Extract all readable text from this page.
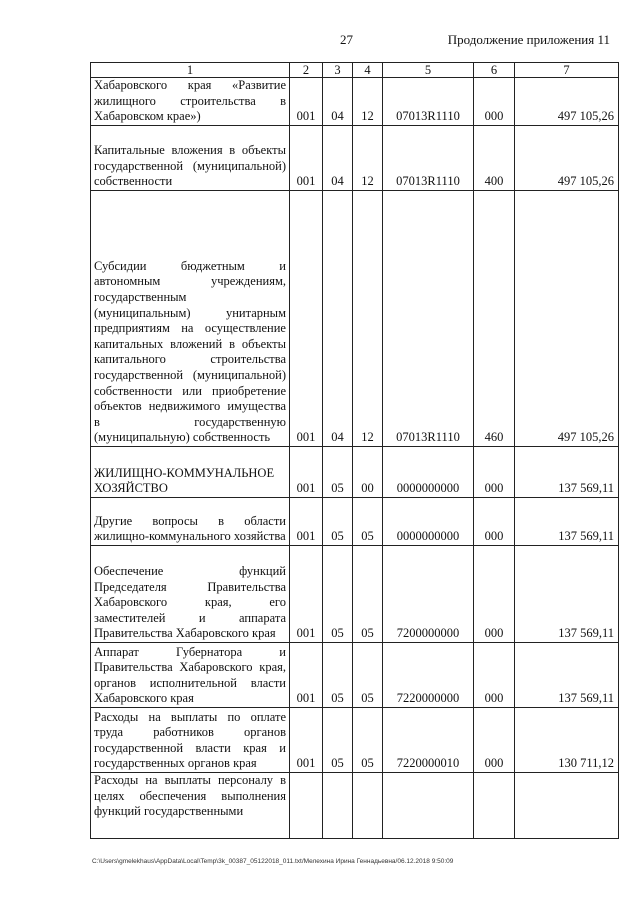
27	Продолжение приложения 11
1	2	3	4	5	6	7
Хабаровского края «Развитие жилищного строительства в Хабаровском крае»)	001	04	12	07013R1110	000	497 105,26
Капитальные вложения в объекты государственной (муниципальной) собственности	001	04	12	07013R1110	400	497 105,26
Субсидии бюджетным и автономным учреждениям, государственным (муниципальным) унитарным предприятиям на осуществление капитальных вложений в объекты капитального строительства государственной (муниципальной) собственности или приобретение объектов недвижимого имущества в государственную (муниципальную) собственность	001	04	12	07013R1110	460	497 105,26
ЖИЛИЩНО-КОММУНАЛЬНОЕ ХОЗЯЙСТВО	001	05	00	0000000000	000	137 569,11
Другие вопросы в области жилищно-коммунального хозяйства	001	05	05	0000000000	000	137 569,11
Обеспечение функций Председателя Правительства Хабаровского края, его заместителей и аппарата Правительства Хабаровского края	001	05	05	7200000000	000	137 569,11
Аппарат Губернатора и Правительства Хабаровского края, органов исполнительной власти Хабаровского края	001	05	05	7220000000	000	137 569,11
Расходы на выплаты по оплате труда работников органов государственной власти края и государственных органов края	001	05	05	7220000010	000	130 711,12
Расходы на выплаты персоналу в целях обеспечения выполнения функций государственными						
C:\Users\gmelekhaus\AppData\Local\Temp\3k_00387_05122018_011.txt/Мелехина Ирина Геннадьевна/06.12.2018 9:50:09
